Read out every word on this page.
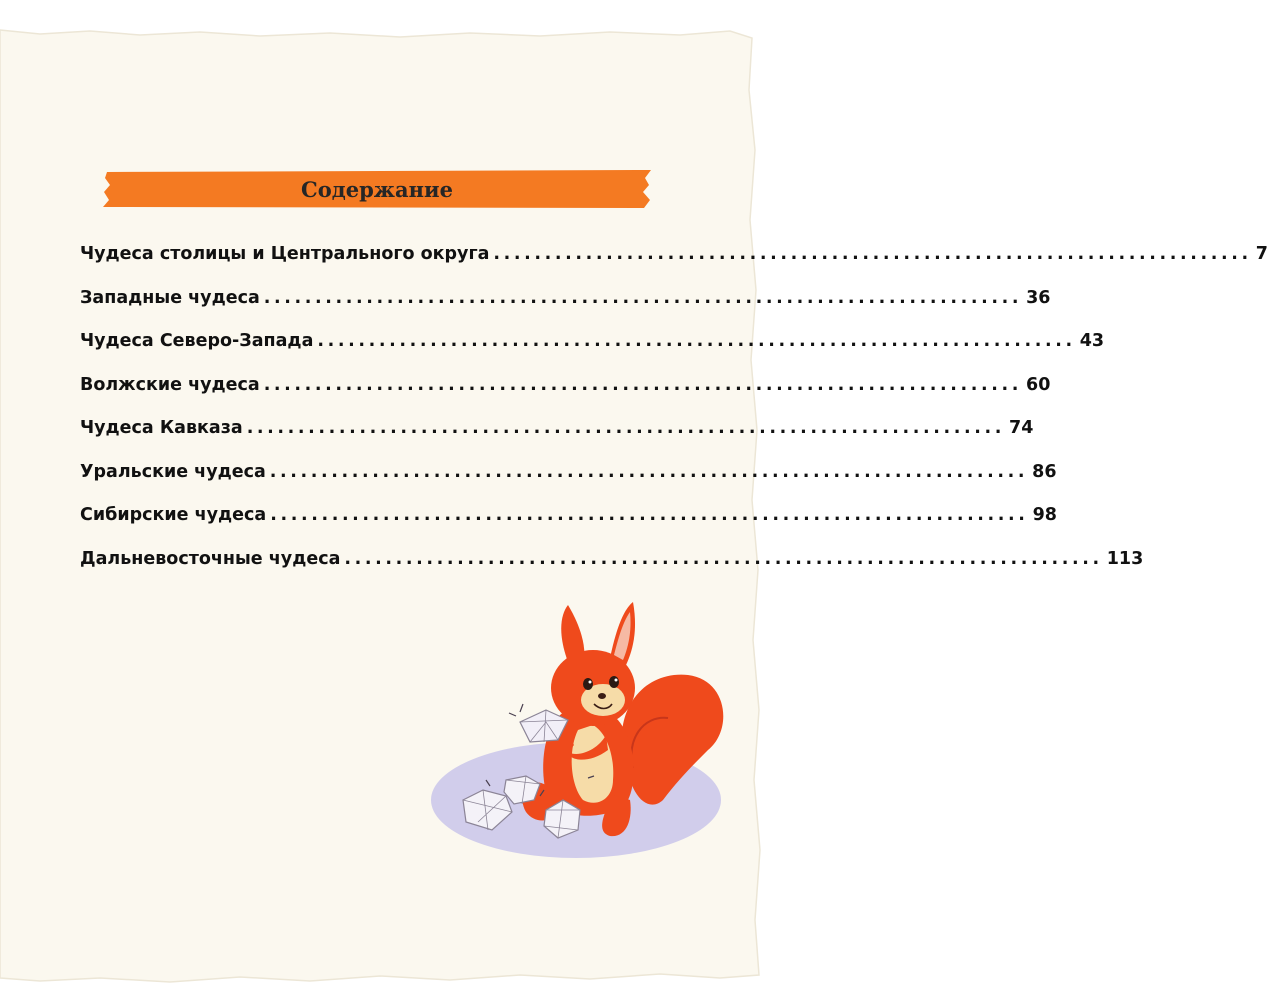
Содержание
Чудеса столицы и Центрального округа .......................................................................... 7
Западные чудеса .......................................................................... 36
Чудеса Северо-Запада .......................................................................... 43
Волжские чудеса .......................................................................... 60
Чудеса Кавказа .......................................................................... 74
Уральские чудеса .......................................................................... 86
Сибирские чудеса .......................................................................... 98
Дальневосточные чудеса .......................................................................... 113
